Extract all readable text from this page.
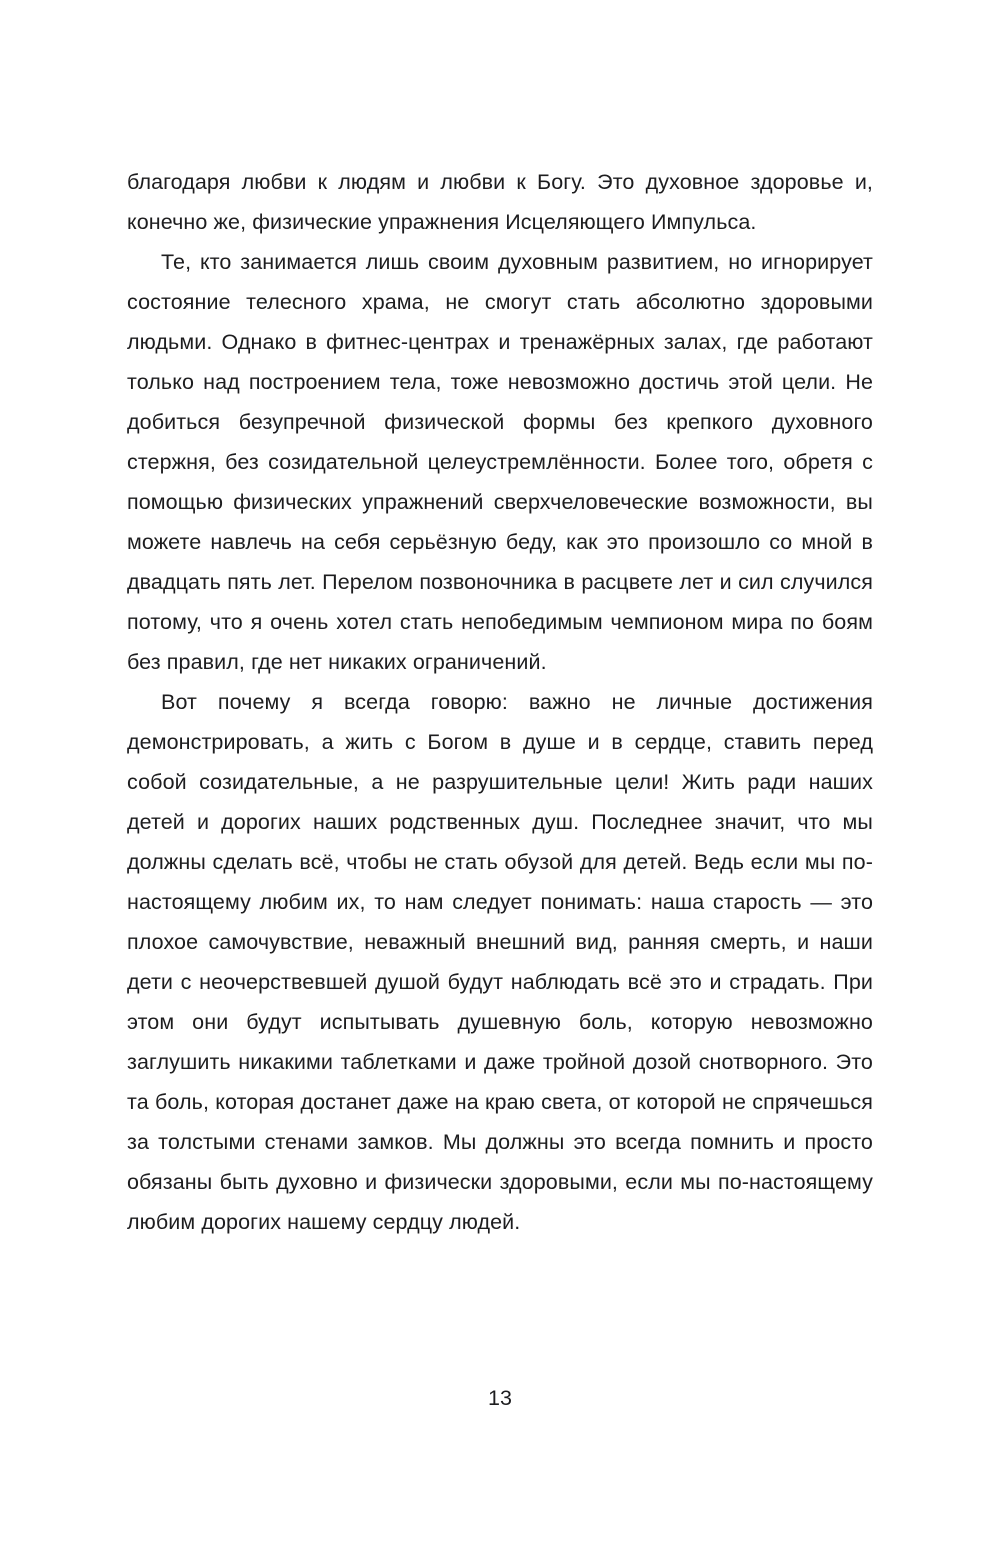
благодаря любви к людям и любви к Богу. Это духовное здоровье и, конечно же, физические упражнения Исцеляющего Импульса.

Те, кто занимается лишь своим духовным развитием, но игнорирует состояние телесного храма, не смогут стать абсолютно здоровыми людьми. Однако в фитнес-центрах и тренажёрных залах, где работают только над построением тела, тоже невозможно достичь этой цели. Не добиться безупречной физической формы без крепкого духовного стержня, без созидательной целеустремлённости. Более того, обретя с помощью физических упражнений сверхчеловеческие возможности, вы можете навлечь на себя серьёзную беду, как это произошло со мной в двадцать пять лет. Перелом позвоночника в расцвете лет и сил случился потому, что я очень хотел стать непобедимым чемпионом мира по боям без правил, где нет никаких ограничений.

Вот почему я всегда говорю: важно не личные достижения демонстрировать, а жить с Богом в душе и в сердце, ставить перед собой созидательные, а не разрушительные цели! Жить ради наших детей и дорогих наших родственных душ. Последнее значит, что мы должны сделать всё, чтобы не стать обузой для детей. Ведь если мы по-настоящему любим их, то нам следует понимать: наша старость — это плохое самочувствие, неважный внешний вид, ранняя смерть, и наши дети с неочерствевшей душой будут наблюдать всё это и страдать. При этом они будут испытывать душевную боль, которую невозможно заглушить никакими таблетками и даже тройной дозой снотворного. Это та боль, которая достанет даже на краю света, от которой не спрячешься за толстыми стенами замков. Мы должны это всегда помнить и просто обязаны быть духовно и физически здоровыми, если мы по-настоящему любим дорогих нашему сердцу людей.

13
